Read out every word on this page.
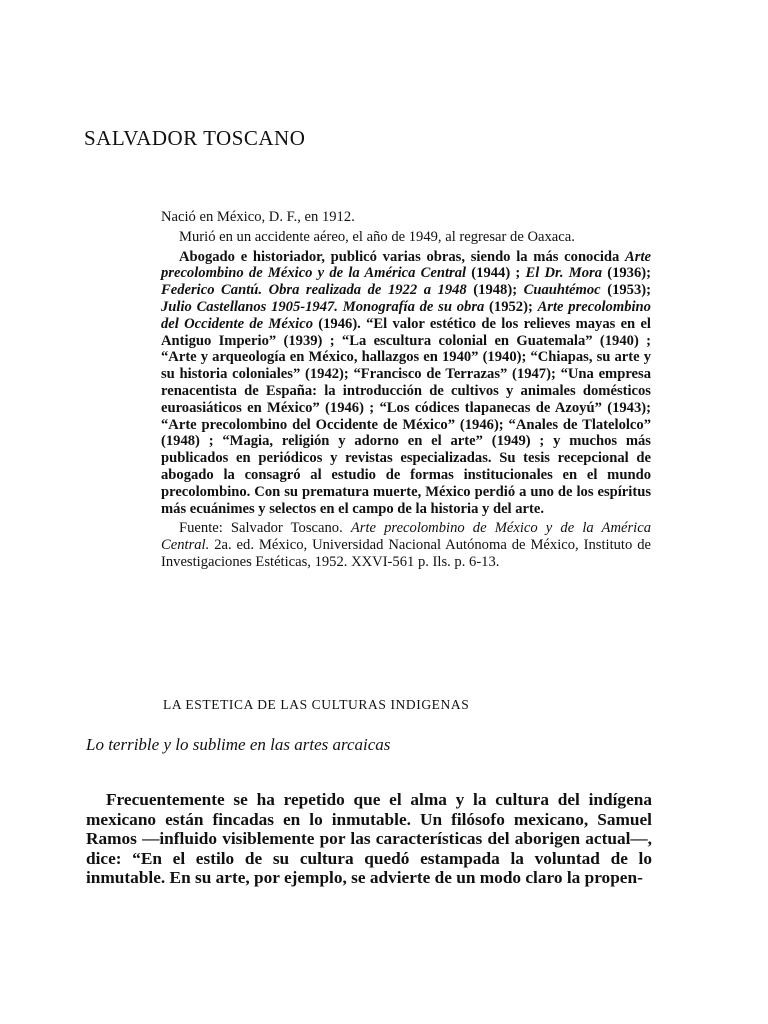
SALVADOR TOSCANO

Nació en México, D. F., en 1912.

Murió en un accidente aéreo, el año de 1949, al regresar de Oaxaca.

Abogado e historiador, publicó varias obras, siendo la más conocida Arte precolombino de México y de la América Central (1944) ; El Dr. Mora (1936); Federico Cantú. Obra realizada de 1922 a 1948 (1948); Cuauhtémoc (1953); Julio Castellanos 1905-1947. Monografía de su obra (1952); Arte precolombino del Occidente de México (1946). “El valor estético de los relieves mayas en el Antiguo Imperio” (1939) ; “La escultura colonial en Guatemala” (1940) ; “Arte y arqueología en México, hallazgos en 1940” (1940); “Chiapas, su arte y su historia coloniales” (1942); “Francisco de Terrazas” (1947); “Una empresa renacentista de España: la introducción de cultivos y animales domésticos euroasiáticos en México” (1946) ; “Los códices tlapanecas de Azoyú” (1943); “Arte precolombino del Occidente de México” (1946); “Anales de Tlatelolco” (1948) ; “Magia, religión y adorno en el arte” (1949) ; y muchos más publicados en periódicos y revistas especializadas. Su tesis recepcional de abogado la consagró al estudio de formas institucionales en el mundo precolombino. Con su prematura muerte, México perdió a uno de los espíritus más ecuánimes y selectos en el campo de la historia y del arte.

Fuente: Salvador Toscano. Arte precolombino de México y de la América Central. 2a. ed. México, Universidad Nacional Autónoma de México, Instituto de Investigaciones Estéticas, 1952. XXVI-561 p. Ils. p. 6-13.

LA ESTETICA DE LAS CULTURAS INDIGENAS
Lo terrible y lo sublime en las artes arcaicas

Frecuentemente se ha repetido que el alma y la cultura del indígena mexicano están fincadas en lo inmutable. Un filósofo mexicano, Samuel Ramos —influido visiblemente por las características del aborigen actual—, dice: “En el estilo de su cultura quedó estampada la voluntad de lo inmutable. En su arte, por ejemplo, se advierte de un modo claro la propen-
